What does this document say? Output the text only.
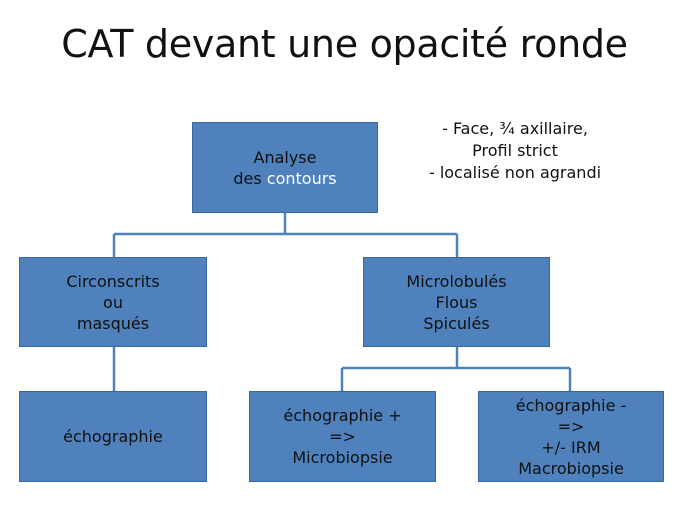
CAT devant une opacité ronde
- Face, ¾ axillaire,
Profil strict
- localisé non agrandi
Analyse
des contours
Circonscrits
ou
masqués
Microlobulés
Flous
Spiculés
échographie
échographie +
=>
Microbiopsie
échographie -
=>
+/- IRM
Macrobiopsie
